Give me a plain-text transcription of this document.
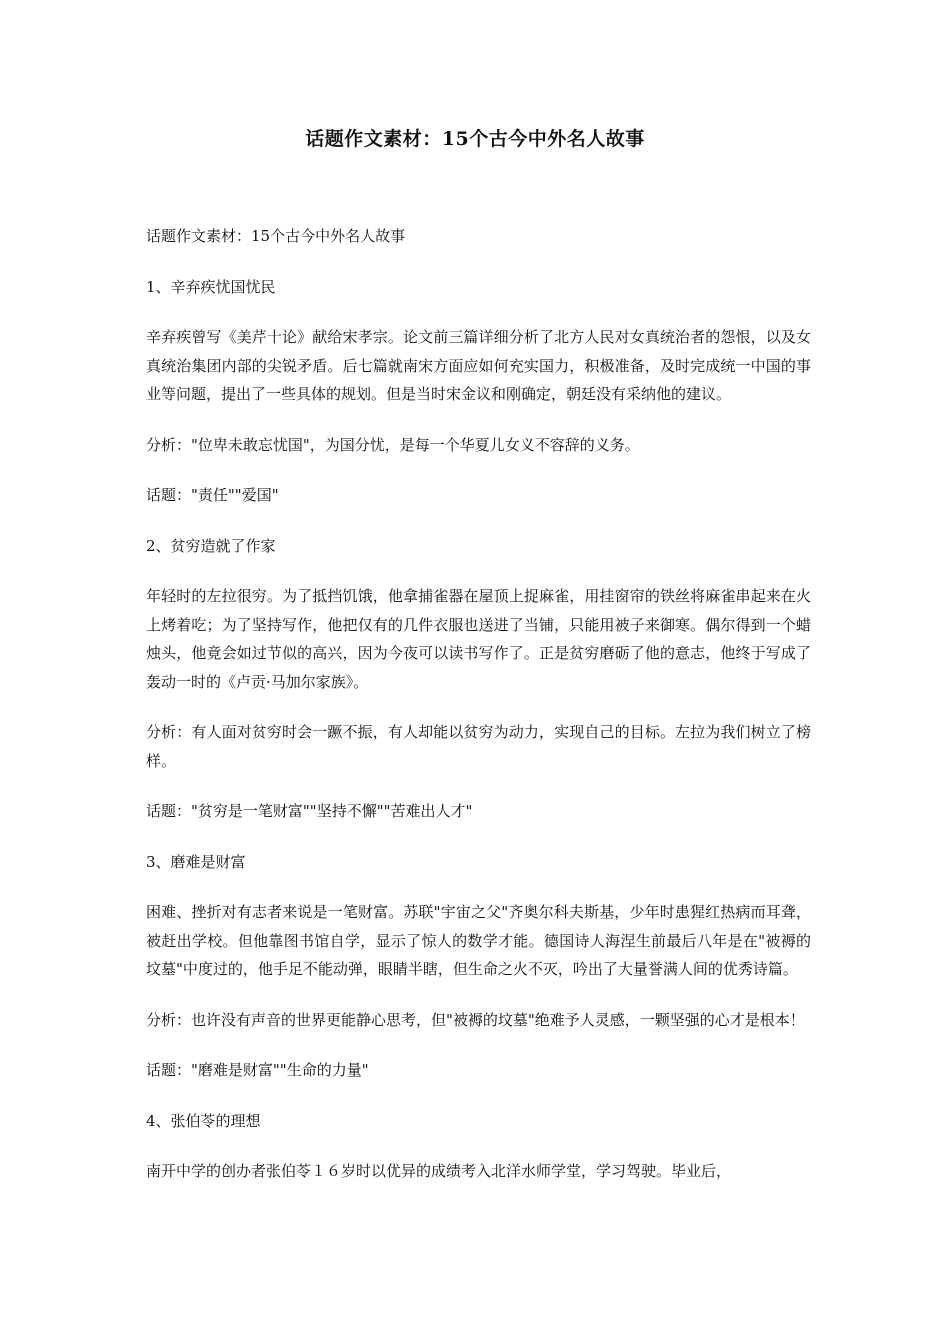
话题作文素材：15个古今中外名人故事

话题作文素材：15个古今中外名人故事

1、辛弃疾忧国忧民

辛弃疾曾写《美芹十论》献给宋孝宗。论文前三篇详细分析了北方人民对女真统治者的怨恨，以及女真统治集团内部的尖锐矛盾。后七篇就南宋方面应如何充实国力，积极准备，及时完成统一中国的事业等问题，提出了一些具体的规划。但是当时宋金议和刚确定，朝廷没有采纳他的建议。

分析："位卑未敢忘忧国"，为国分忧，是每一个华夏儿女义不容辞的义务。

话题："责任""爱国"

2、贫穷造就了作家

年轻时的左拉很穷。为了抵挡饥饿，他拿捕雀器在屋顶上捉麻雀，用挂窗帘的铁丝将麻雀串起来在火上烤着吃；为了坚持写作，他把仅有的几件衣服也送进了当铺，只能用被子来御寒。偶尔得到一个蜡烛头，他竟会如过节似的高兴，因为今夜可以读书写作了。正是贫穷磨砺了他的意志，他终于写成了轰动一时的《卢贡·马加尔家族》。

分析：有人面对贫穷时会一蹶不振，有人却能以贫穷为动力，实现自己的目标。左拉为我们树立了榜样。

话题："贫穷是一笔财富""坚持不懈""苦难出人才"

3、磨难是财富

困难、挫折对有志者来说是一笔财富。苏联"宇宙之父"齐奥尔科夫斯基，少年时患猩红热病而耳聋，被赶出学校。但他靠图书馆自学，显示了惊人的数学才能。德国诗人海涅生前最后八年是在"被褥的坟墓"中度过的，他手足不能动弹，眼睛半瞎，但生命之火不灭，吟出了大量誉满人间的优秀诗篇。

分析：也许没有声音的世界更能静心思考，但"被褥的坟墓"绝难予人灵感，一颗坚强的心才是根本！

话题："磨难是财富""生命的力量"

4、张伯苓的理想

南开中学的创办者张伯苓１６岁时以优异的成绩考入北洋水师学堂，学习驾驶。毕业后，
